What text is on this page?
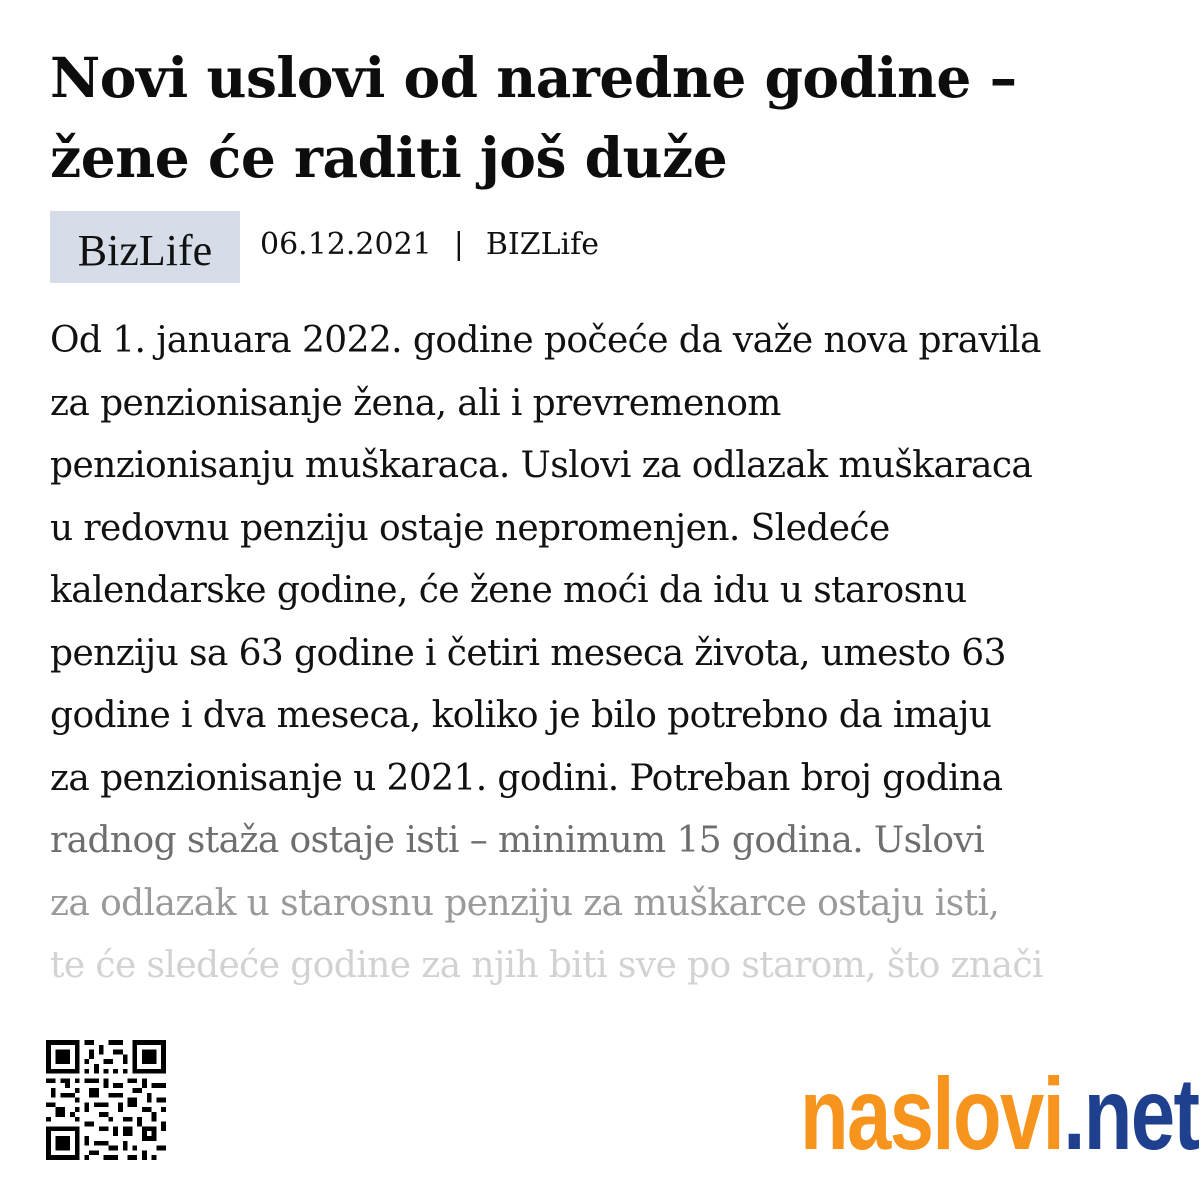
Novi uslovi od naredne godine – žene će raditi još duže
BizLife	06.12.2021 | BIZLife
Od 1. januara 2022. godine počeće da važe nova pravila
za penzionisanje žena, ali i prevremenom
penzionisanju muškaraca. Uslovi za odlazak muškaraca
u redovnu penziju ostaje nepromenjen. Sledeće
kalendarske godine, će žene moći da idu u starosnu
penziju sa 63 godine i četiri meseca života, umesto 63
godine i dva meseca, koliko je bilo potrebno da imaju
za penzionisanje u 2021. godini. Potreban broj godina
radnog staža ostaje isti – minimum 15 godina. Uslovi
za odlazak u starosnu penziju za muškarce ostaju isti,
te će sledeće godine za njih biti sve po starom, što znači
naslovi .net
